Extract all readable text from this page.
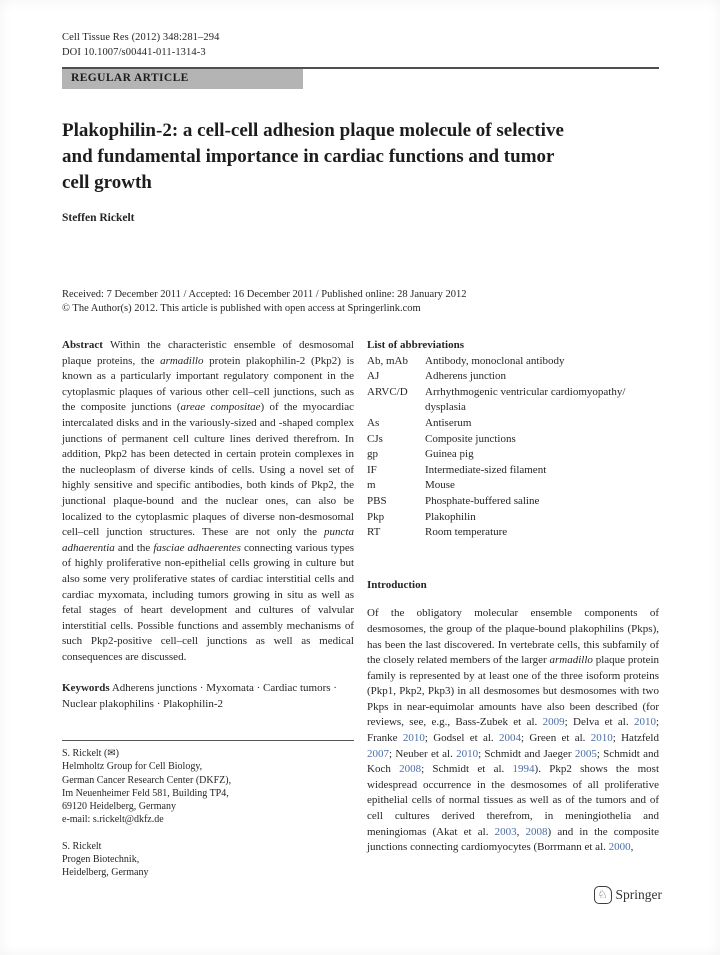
Cell Tissue Res (2012) 348:281–294
DOI 10.1007/s00441-011-1314-3
REGULAR ARTICLE
Plakophilin-2: a cell-cell adhesion plaque molecule of selective and fundamental importance in cardiac functions and tumor cell growth
Steffen Rickelt
Received: 7 December 2011 / Accepted: 16 December 2011 / Published online: 28 January 2012
© The Author(s) 2012. This article is published with open access at Springerlink.com

Abstract Within the characteristic ensemble of desmosomal plaque proteins, the armadillo protein plakophilin-2 (Pkp2) is known as a particularly important regulatory component in the cytoplasmic plaques of various other cell–cell junctions, such as the composite junctions (areae compositae) of the myocardiac intercalated disks and in the variously-sized and -shaped complex junctions of permanent cell culture lines derived therefrom. In addition, Pkp2 has been detected in certain protein complexes in the nucleoplasm of diverse kinds of cells. Using a novel set of highly sensitive and specific antibodies, both kinds of Pkp2, the junctional plaque-bound and the nuclear ones, can also be localized to the cytoplasmic plaques of diverse non-desmosomal cell–cell junction structures. These are not only the puncta adhaerentia and the fasciae adhaerentes connecting various types of highly proliferative non-epithelial cells growing in culture but also some very proliferative states of cardiac interstitial cells and cardiac myxomata, including tumors growing in situ as well as fetal stages of heart development and cultures of valvular interstitial cells. Possible functions and assembly mechanisms of such Pkp2-positive cell–cell junctions as well as medical consequences are discussed.

Keywords Adherens junctions · Myxomata · Cardiac tumors · Nuclear plakophilins · Plakophilin-2

List of abbreviations
Ab, mAb	Antibody, monoclonal antibody
AJ	Adherens junction
ARVC/D	Arrhythmogenic ventricular cardiomyopathy/ dysplasia
As	Antiserum
CJs	Composite junctions
gp	Guinea pig
IF	Intermediate-sized filament
m	Mouse
PBS	Phosphate-buffered saline
Pkp	Plakophilin
RT	Room temperature
Introduction

Of the obligatory molecular ensemble components of desmosomes, the group of the plaque-bound plakophilins (Pkps), has been the last discovered. In vertebrate cells, this subfamily of the closely related members of the larger armadillo plaque protein family is represented by at least one of the three isoform proteins (Pkp1, Pkp2, Pkp3) in all desmosomes but desmosomes with two Pkps in near-equimolar amounts have also been described (for reviews, see, e.g., Bass-Zubek et al. 2009; Delva et al. 2010; Franke 2010; Godsel et al. 2004; Green et al. 2010; Hatzfeld 2007; Neuber et al. 2010; Schmidt and Jaeger 2005; Schmidt and Koch 2008; Schmidt et al. 1994). Pkp2 shows the most widespread occurrence in the desmosomes of all proliferative epithelial cells of normal tissues as well as of the tumors and of cell cultures derived therefrom, in meningiothelia and meningiomas (Akat et al. 2003, 2008) and in the composite junctions connecting cardiomyocytes (Borrmann et al. 2000,

S. Rickelt (✉)
Helmholtz Group for Cell Biology,
German Cancer Research Center (DKFZ),
Im Neuenheimer Feld 581, Building TP4,
69120 Heidelberg, Germany
e-mail: s.rickelt@dkfz.de
S. Rickelt
Progen Biotechnik,
Heidelberg, Germany
♘ Springer
